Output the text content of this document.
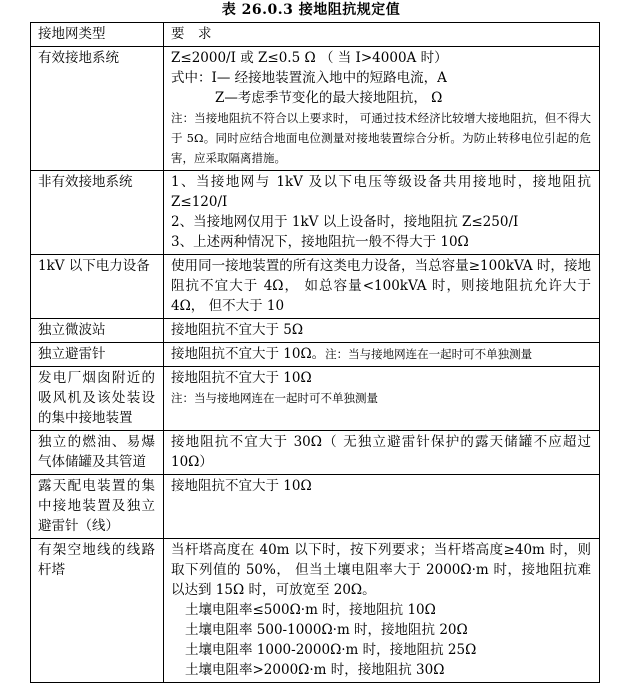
表 26.0.3 接地阻抗规定值
接地网类型	要　求
有效接地系统	Z≤2000/I 或 Z≤0.5 Ω （ 当 I>4000A 时）
式中：I— 经接地装置流入地中的短路电流，A
Z—考虑季节变化的最大接地阻抗， Ω
注：当接地阻抗不符合以上要求时， 可通过技术经济比较增大接地阻抗，但不得大于 5Ω。同时应结合地面电位测量对接地装置综合分析。为防止转移电位引起的危害，应采取隔离措施。

非有效接地系统	1、当接地网与 1kV 及以下电压等级设备共用接地时，接地阻抗 Z≤120/I
2、当接地网仅用于 1kV 以上设备时，接地阻抗 Z≤250/I
3、上述两种情况下，接地阻抗一般不得大于 10Ω

1kV 以下电力设备	使用同一接地装置的所有这类电力设备，当总容量≥100kVA 时，接地阻抗不宜大于 4Ω， 如总容量<100kVA 时，则接地阻抗允许大于 4Ω， 但不大于 10

独立微波站	接地阻抗不宜大于 5Ω

独立避雷针	接地阻抗不宜大于 10Ω。注：当与接地网连在一起时可不单独测量

发电厂烟囱附近的吸风机及该处装设的集中接地装置	接地阻抗不宜大于 10Ω
注：当与接地网连在一起时可不单独测量

独立的燃油、易爆气体储罐及其管道	接地阻抗不宜大于 30Ω（ 无独立避雷针保护的露天储罐不应超过 10Ω）

露天配电装置的集中接地装置及独立避雷针（线）	接地阻抗不宜大于 10Ω

有架空地线的线路杆塔	当杆塔高度在 40m 以下时，按下列要求；当杆塔高度≥40m 时，则取下列值的 50%， 但当土壤电阻率大于 2000Ω·m 时，接地阻抗难以达到 15Ω 时，可放宽至 20Ω。
土壤电阻率≤500Ω·m 时，接地阻抗 10Ω
土壤电阻率 500-1000Ω·m 时，接地阻抗 20Ω
土壤电阻率 1000-2000Ω·m 时，接地阻抗 25Ω
土壤电阻率>2000Ω·m 时，接地阻抗 30Ω
